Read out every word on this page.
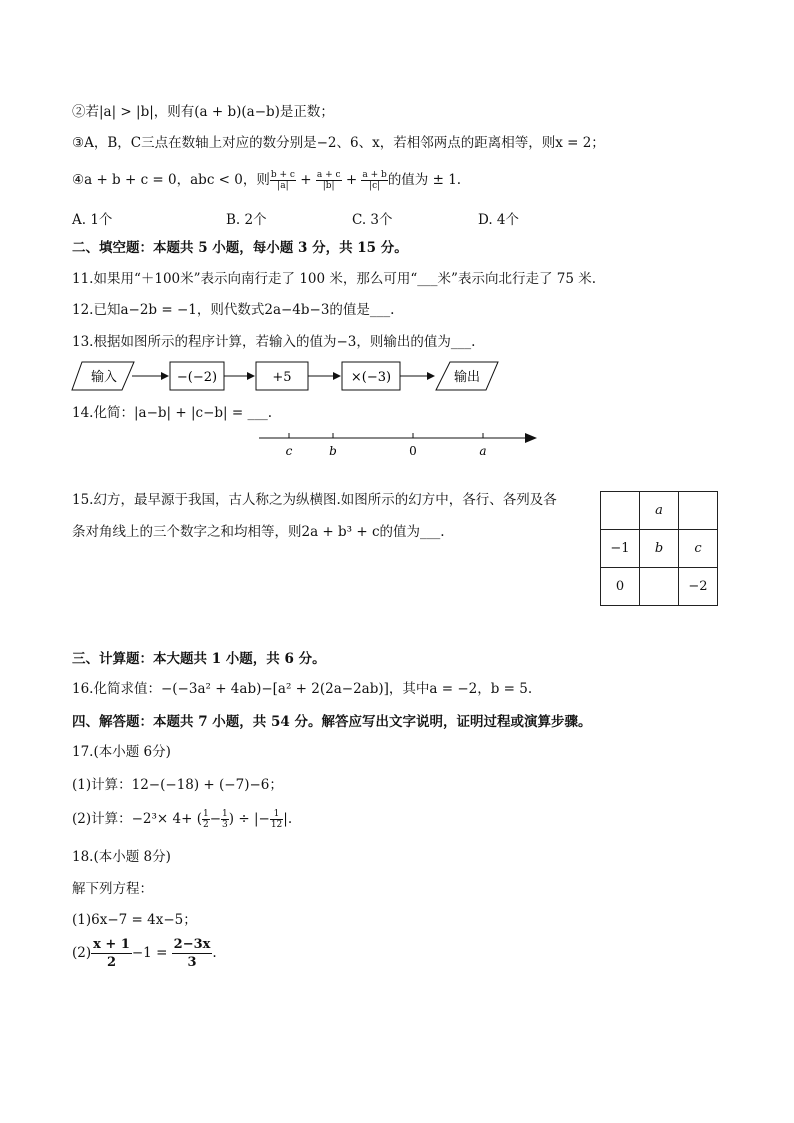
②若|a| > |b|，则有(a + b)(a−b)是正数；
③A，B，C三点在数轴上对应的数分别是−2、6、x，若相邻两点的距离相等，则x = 2；
④a + b + c = 0，abc < 0，则 $\frac{b + c}{|a|} + \frac{a + c}{|b|} + \frac{a + b}{|c|}$ 的值为 ± 1.
A. 1个	B. 2个	C. 3个	D. 4个
二、填空题：本题共 5 小题，每小题 3 分，共 15 分。
11.如果用“＋100米”表示向南行走了 100 米，那么可用“___米”表示向北行走了 75 米.
12.已知a−2b = −1，则代数式2a−4b−3的值是___.
13.根据如图所示的程序计算，若输入的值为−3，则输出的值为___.
输入	−(−2)	+5	×(−3)	输出
14.化简：|a−b| + |c−b| = ___.
c	b	0	a
15.幻方，最早源于我国，古人称之为纵横图.如图所示的幻方中，各行、各列及各
条对角线上的三个数字之和均相等，则2a + b³ + c的值为___.
	a	
−1	b	c
0		−2
三、计算题：本大题共 1 小题，共 6 分。
16.化简求值：−(−3a² + 4ab)−[a² + 2(2a−2ab)]，其中a = −2，b = 5.
四、解答题：本题共 7 小题，共 54 分。解答应写出文字说明，证明过程或演算步骤。
17.(本小题 6分)
(1)计算：12−(−18) + (−7)−6；
(2)计算：−2³× 4+ ( $\frac{1}{2} - \frac{1}{3}$ ) ÷ |− $\frac{1}{12}$ |.
18.(本小题 8分)
解下列方程：
(1)6x−7 = 4x−5；
$(2) \frac{x + 1}{2} -1 = \frac{2-3x}{3}$ .
